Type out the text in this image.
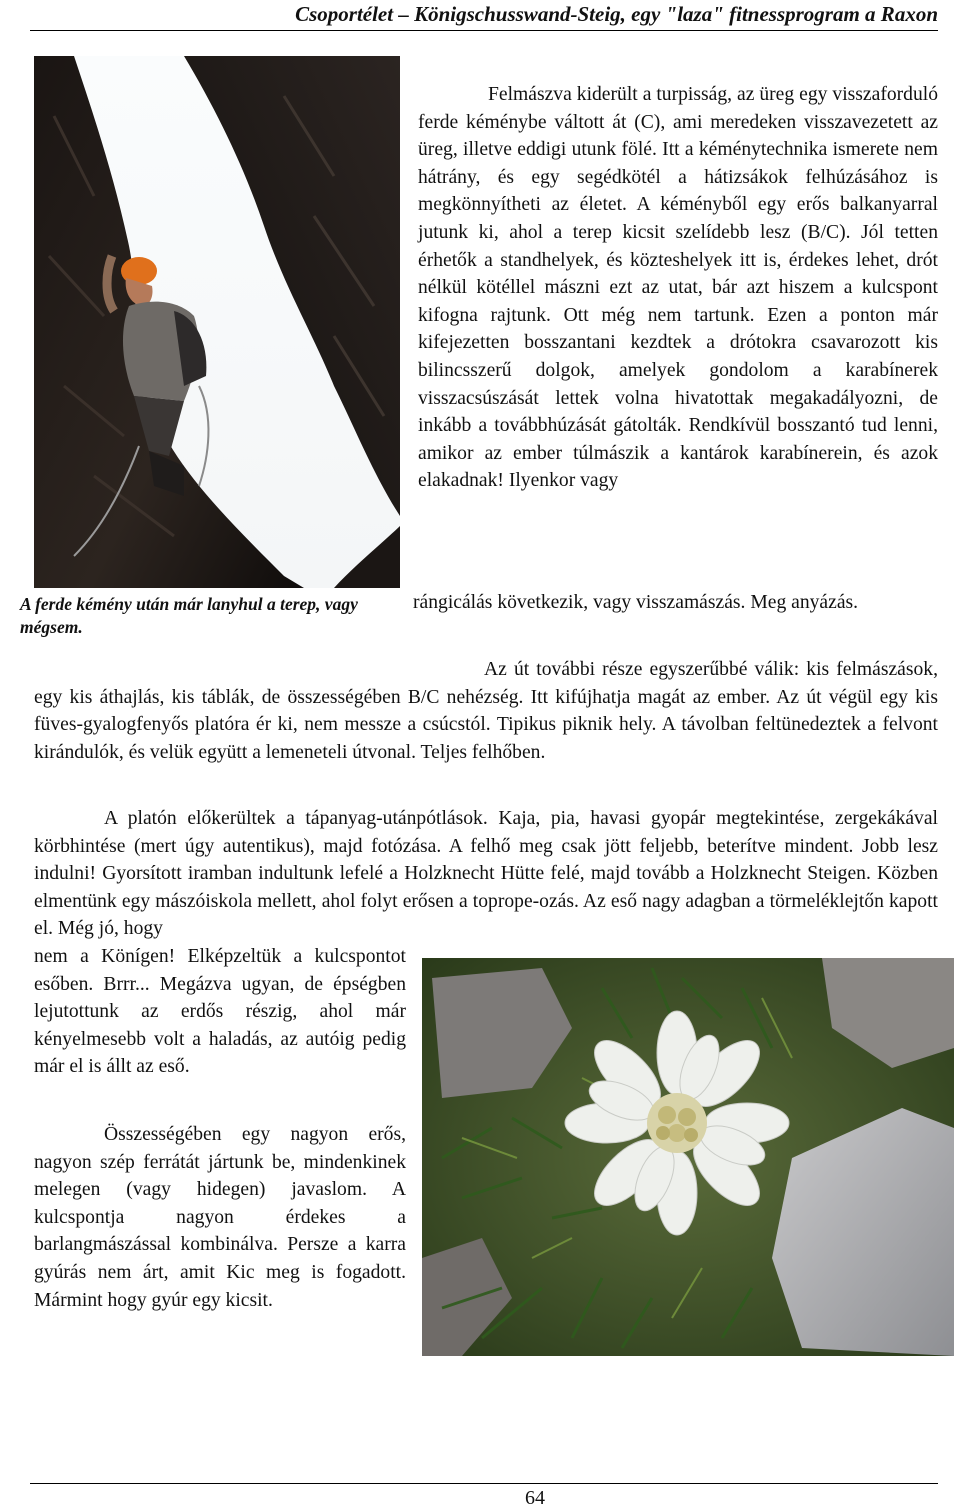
Csoportélet – Königschusswand-Steig, egy "laza" fitnessprogram a Raxon

Felmászva kiderült a turpisság, az üreg egy visszaforduló ferde kéménybe váltott át (C), ami meredeken visszavezetett az üreg, illetve eddigi utunk fölé. Itt a kéménytechnika ismerete nem hátrány, és egy segédkötél a hátizsákok felhúzásához is megkönnyítheti az életet. A kéményből egy erős balkanyarral jutunk ki, ahol a terep kicsit szelídebb lesz (B/C). Jól tetten érhetők a standhelyek, és közteshelyek itt is, érdekes lehet, drót nélkül kötéllel mászni ezt az utat, bár azt hiszem a kulcspont kifogna rajtunk. Ott még nem tartunk. Ezen a ponton már kifejezetten bosszantani kezdtek a drótokra csavarozott kis bilincsszerű dolgok, amelyek gondolom a karabínerek visszacsúszását lettek volna hivatottak megakadályozni, de inkább a továbbhúzását gátolták. Rendkívül bosszantó tud lenni, amikor az ember túlmászik a kantárok karabínerein, és azok elakadnak! Ilyenkor vagy

A ferde kémény után már lanyhul a terep, vagy mégsem.

rángicálás következik, vagy visszamászás. Meg anyázás.

Az út további része egyszerűbbé válik: kis felmászások, egy kis áthajlás, kis táblák, de összességében B/C nehézség. Itt kifújhatja magát az ember. Az út végül egy kis füves-gyalogfenyős platóra ér ki, nem messze a csúcstól. Tipikus piknik hely. A távolban feltünedeztek a felvont kirándulók, és velük együtt a lemeneteli útvonal. Teljes felhőben.

A platón előkerültek a tápanyag-utánpótlások. Kaja, pia, havasi gyopár megtekintése, zergekákával körbhintése (mert úgy autentikus), majd fotózása. A felhő meg csak jött feljebb, beterítve mindent. Jobb lesz indulni! Gyorsított iramban indultunk lefelé a Holzknecht Hütte felé, majd tovább a Holzknecht Steigen. Közben elmentünk egy mászóiskola mellett, ahol folyt erősen a toprope-ozás. Az eső nagy adagban a törmeléklejtőn kapott el. Még jó, hogy

nem a Könígen! Elképzeltük a kulcspontot esőben. Brrr... Megázva ugyan, de épségben lejutottunk az erdős részig, ahol már kényelmesebb volt a haladás, az autóig pedig már el is állt az eső.

Összességében egy nagyon erős, nagyon szép ferrátát jártunk be, mindenkinek melegen (vagy hidegen) javaslom. A kulcspontja nagyon érdekes a barlangmászással kombinálva. Persze a karra gyúrás nem árt, amit Kic meg is fogadott. Mármint hogy gyúr egy kicsit.

64
